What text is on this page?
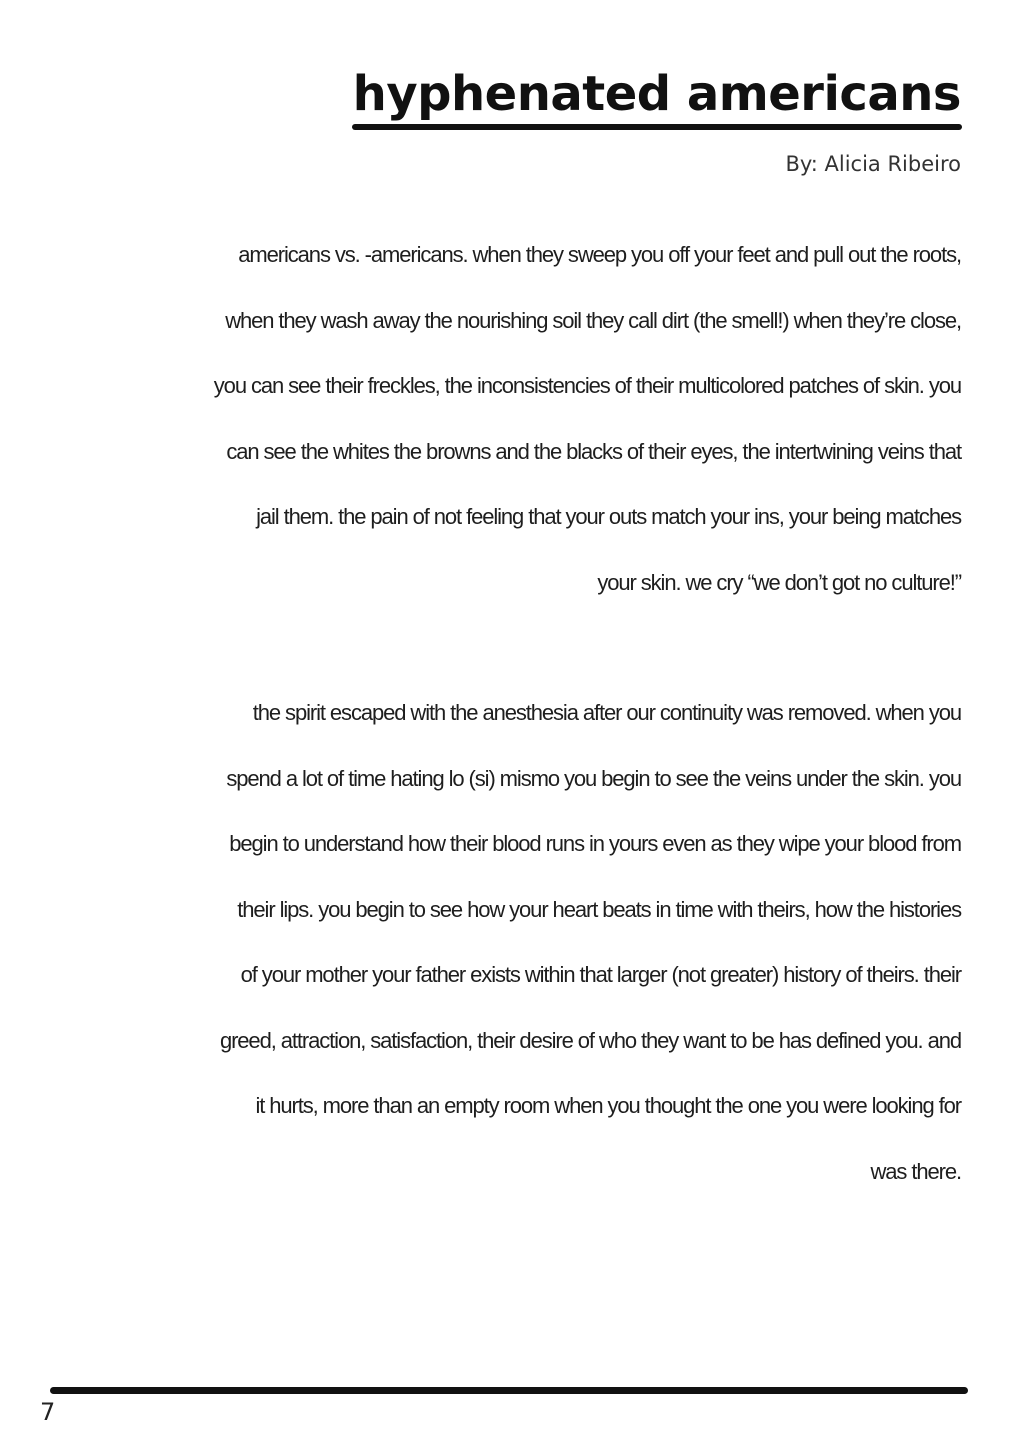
hyphenated americans
By: Alicia Ribeiro
americans vs. -americans. when they sweep you off your feet and pull out the roots,
when they wash away the nourishing soil they call dirt (the smell!) when they’re close,
you can see their freckles, the inconsistencies of their multicolored patches of skin. you
can see the whites the browns and the blacks of their eyes, the intertwining veins that
jail them. the pain of not feeling that your outs match your ins, your being matches
your skin. we cry “we don’t got no culture!”
the spirit escaped with the anesthesia after our continuity was removed. when you
spend a lot of time hating lo (si) mismo you begin to see the veins under the skin. you
begin to understand how their blood runs in yours even as they wipe your blood from
their lips. you begin to see how your heart beats in time with theirs, how the histories
of your mother your father exists within that larger (not greater) history of theirs. their
greed, attraction, satisfaction, their desire of who they want to be has defined you. and
it hurts, more than an empty room when you thought the one you were looking for
was there.
7
